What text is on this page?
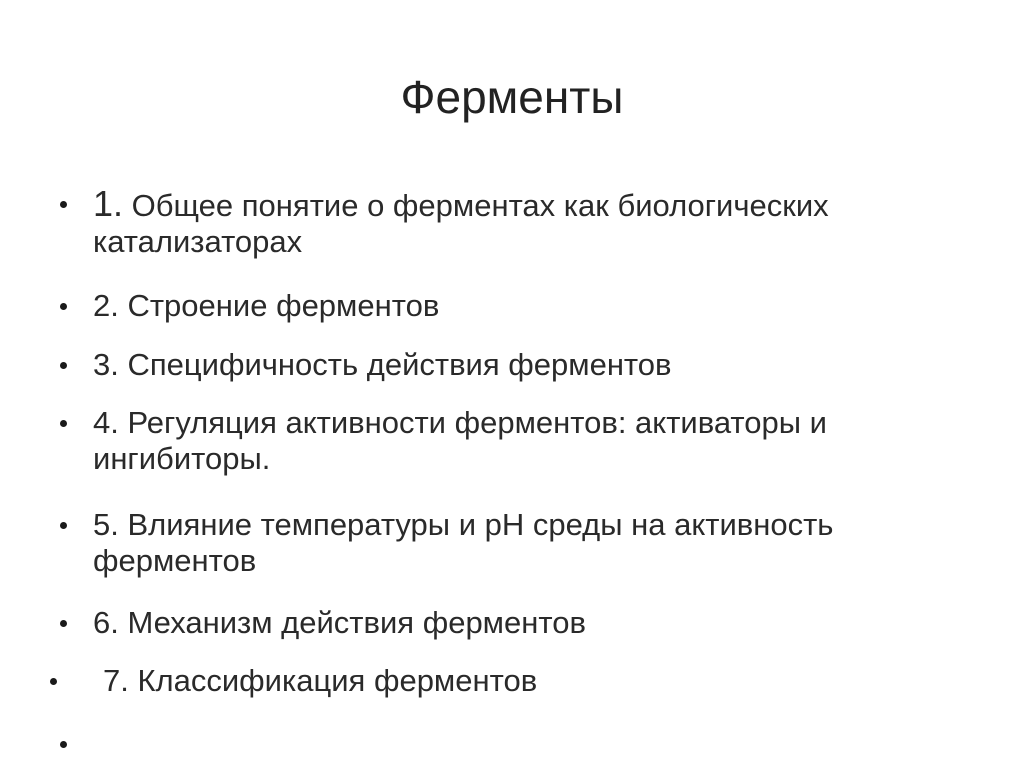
Ферменты
1. Общее понятие о ферментах как биологических катализаторах
2. Строение ферментов
3. Специфичность действия ферментов
4. Регуляция активности ферментов: активаторы и ингибиторы.
5. Влияние температуры и рН среды на активность ферментов
6. Механизм действия ферментов
7. Классификация ферментов
